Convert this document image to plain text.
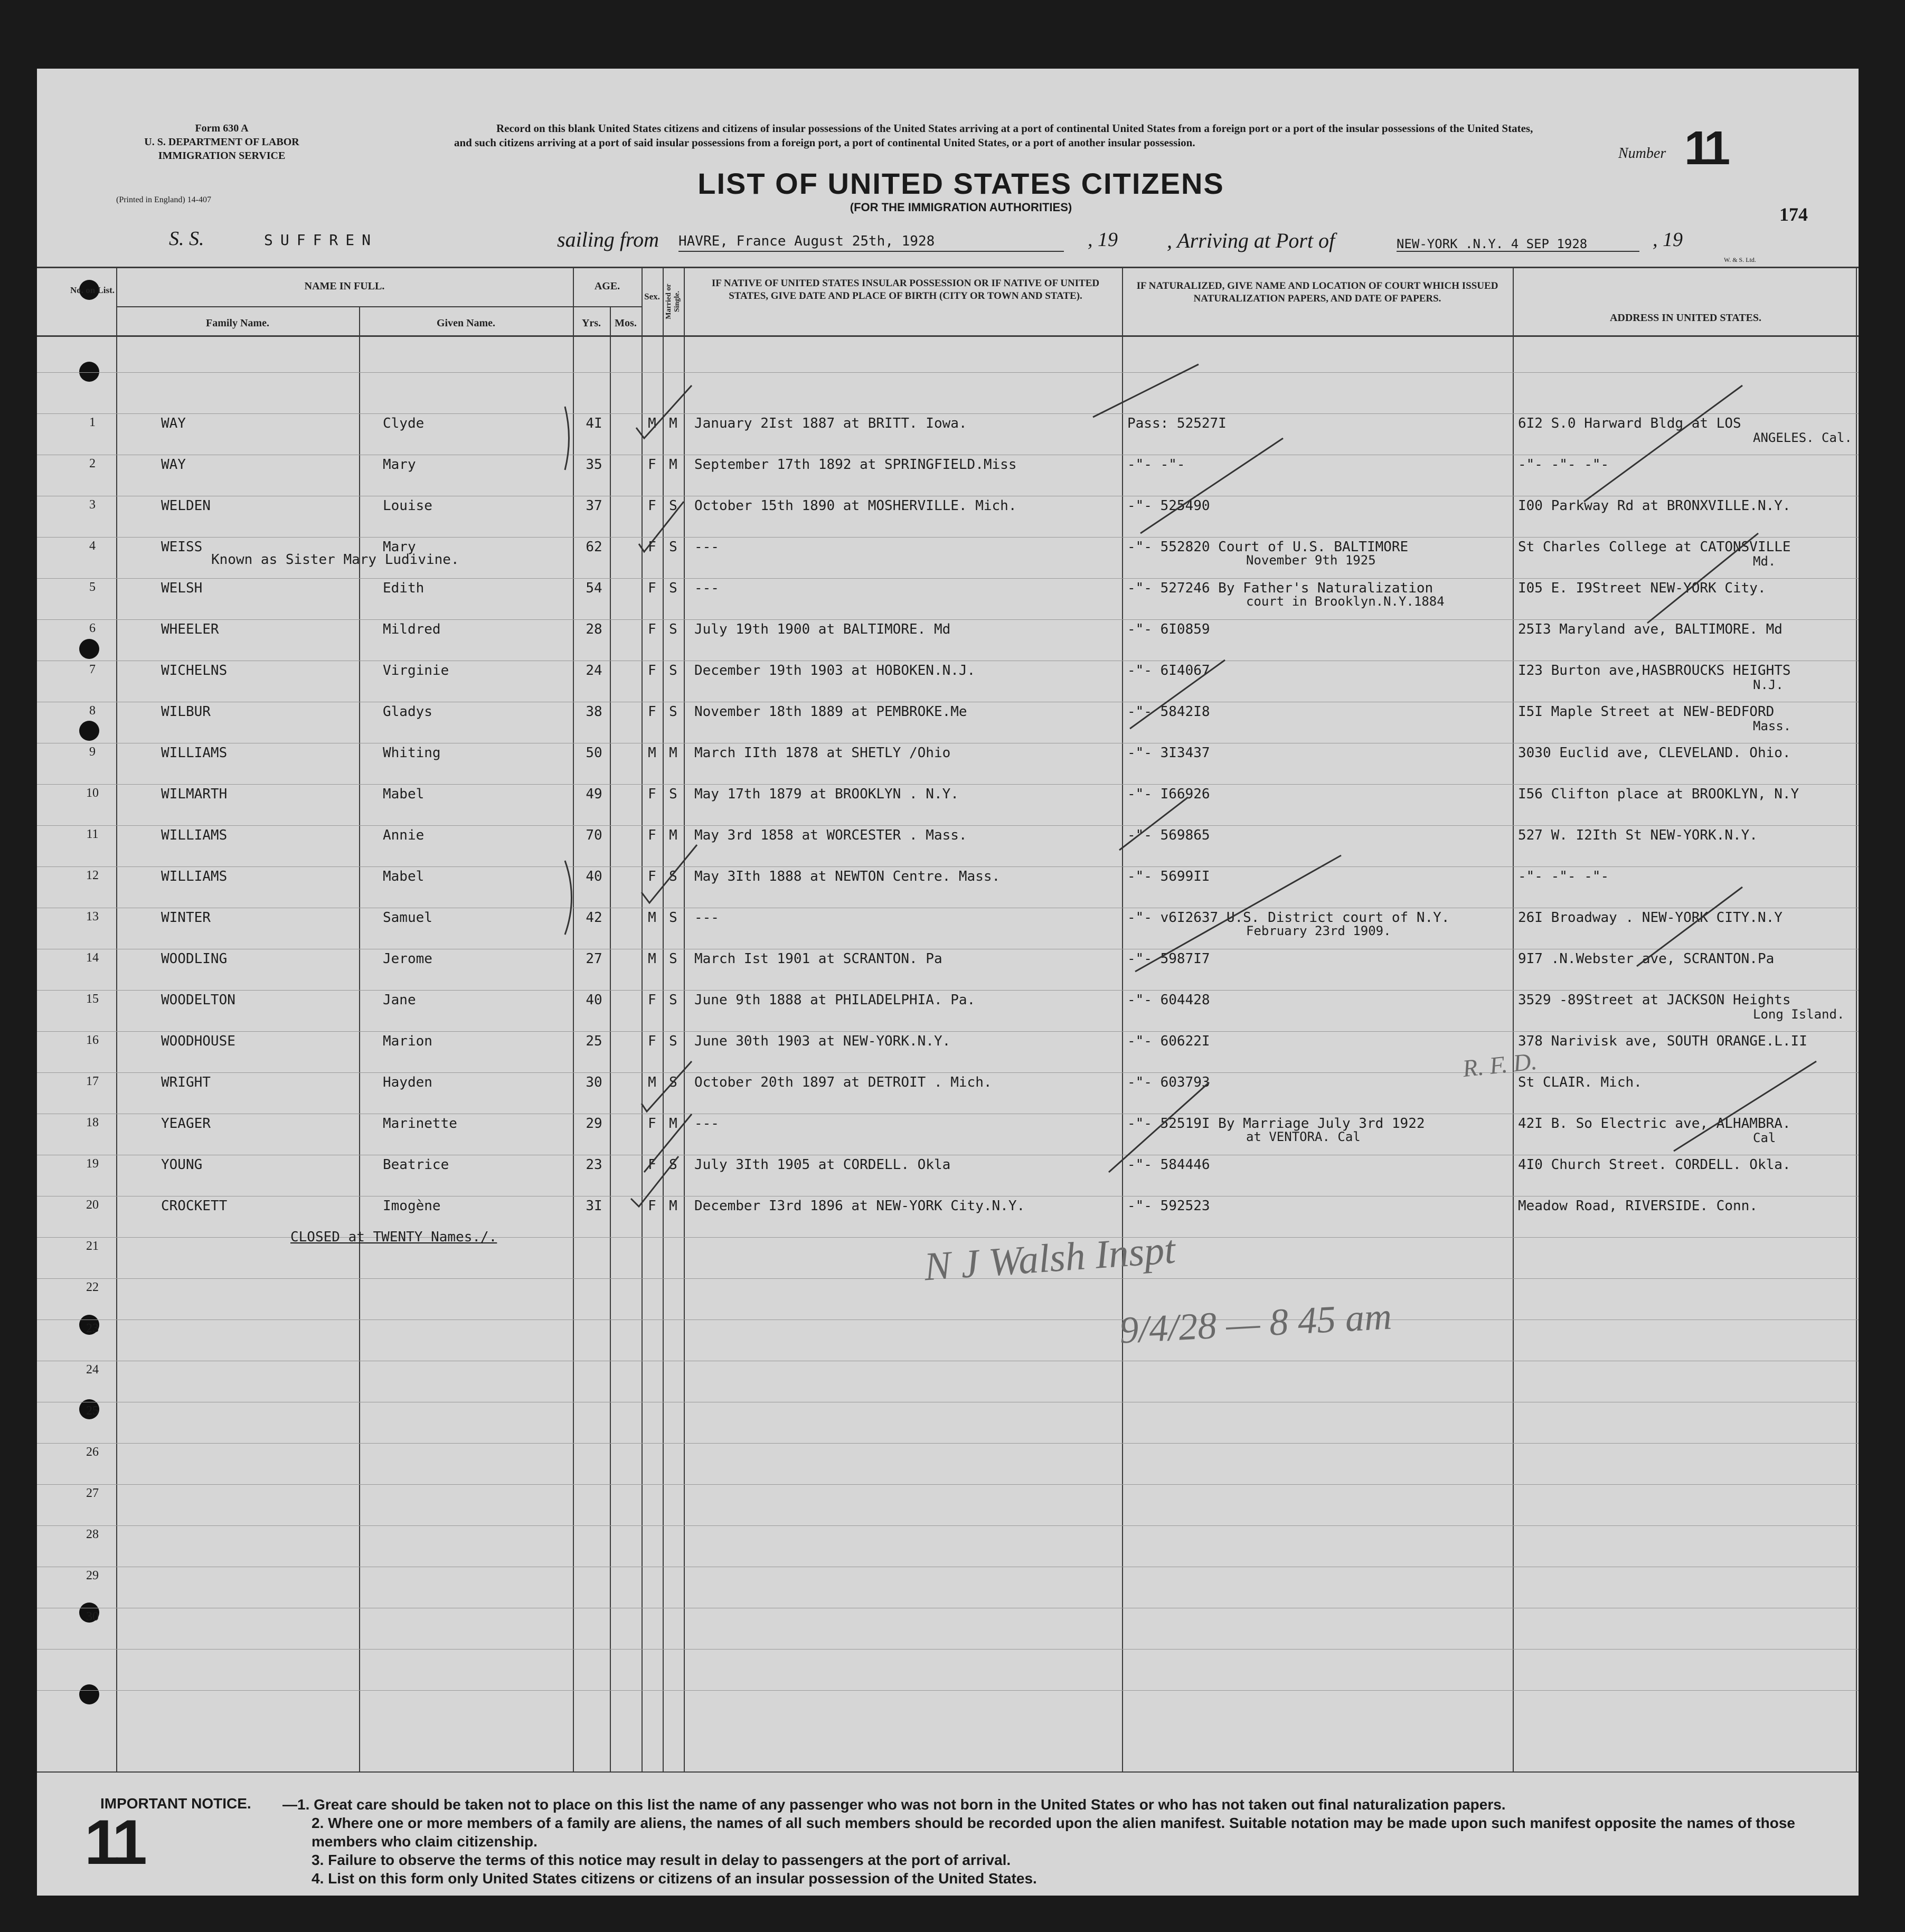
Form 630 A
U. S. DEPARTMENT OF LABOR
IMMIGRATION SERVICE
(Printed in England) 14-407
Record on this blank United States citizens and citizens of insular possessions of the United States arriving at a port of continental United States from a foreign port or a port of the insular possessions of the United States, and such citizens arriving at a port of said insular possessions from a foreign port, a port of continental United States, or a port of another insular possession.
LIST OF UNITED STATES CITIZENS
(FOR THE IMMIGRATION AUTHORITIES)
Number 11
174
S. S.	SUFFREN	sailing from HAVRE, France August 25th, 1928	, 19 , Arriving at Port of	NEW-YORK .N.Y. 4 SEP 1928	, 19
W. & S. Ltd.
No. on List.	NAME IN FULL.
Family Name.	Given Name.
AGE.
Yrs.	Mos.
Sex. Married or Single.
IF NATIVE OF UNITED STATES INSULAR POSSESSION OR IF NATIVE OF UNITED STATES, GIVE DATE AND PLACE OF BIRTH (CITY OR TOWN AND STATE).
IF NATURALIZED, GIVE NAME AND LOCATION OF COURT WHICH ISSUED NATURALIZATION PAPERS, AND DATE OF PAPERS.
ADDRESS IN UNITED STATES.
1	WAY	Clyde	4I	M M	January 2Ist 1887 at BRITT. Iowa.	Pass: 52527I	6I2 S.0 Harward Bldg at LOS
ANGELES. Cal.
2	WAY	Mary	35	F M	September 17th 1892 at SPRINGFIELD.Miss	-"- -"-	-"- -"- -"-
3	WELDEN	Louise	37	F S	October 15th 1890 at MOSHERVILLE. Mich.	-"- 525490	I00 Parkway Rd at BRONXVILLE.N.Y.
4	WEISS	Mary	62	F S	---	-"- 552820 Court of U.S. BALTIMORE	St Charles College at CATONSVILLE
November 9th 1925	Md.
Known as Sister Mary Ludivine.
5	WELSH	Edith	54	F S	---	-"- 527246 By Father's Naturalization	I05 E. I9Street NEW-YORK City.
court in Brooklyn.N.Y.1884
6	WHEELER	Mildred	28	F S	July 19th 1900 at BALTIMORE. Md	-"- 6I0859	25I3 Maryland ave, BALTIMORE. Md
7	WICHELNS	Virginie	24	F S	December 19th 1903 at HOBOKEN.N.J.	-"- 6I4067	I23 Burton ave,HASBROUCKS HEIGHTS
N.J.
8	WILBUR	Gladys	38	F S	November 18th 1889 at PEMBROKE.Me	-"- 5842I8	I5I Maple Street at NEW-BEDFORD
Mass.
9	WILLIAMS	Whiting	50	M M	March IIth 1878 at SHETLY /Ohio	-"- 3I3437	3030 Euclid ave, CLEVELAND. Ohio.
10	WILMARTH	Mabel	49	F S	May 17th 1879 at BROOKLYN . N.Y.	-"- I66926	I56 Clifton place at BROOKLYN, N.Y
11	WILLIAMS	Annie	70	F M	May 3rd 1858 at WORCESTER . Mass.	-"- 569865	527 W. I2Ith St NEW-YORK.N.Y.
12	WILLIAMS	Mabel	40	F S	May 3Ith 1888 at NEWTON Centre. Mass.	-"- 5699II	-"- -"- -"-
13	WINTER	Samuel	42	M S	---	-"- v6I2637 U.S. District court of N.Y.	26I Broadway . NEW-YORK CITY.N.Y
February 23rd 1909.
14	WOODLING	Jerome	27	M S	March Ist 1901 at SCRANTON. Pa	-"- 5987I7	9I7 .N.Webster ave, SCRANTON.Pa
15	WOODELTON	Jane	40	F S	June 9th 1888 at PHILADELPHIA. Pa.	-"- 604428	3529 -89Street at JACKSON Heights
Long Island.
16	WOODHOUSE	Marion	25	F S	June 30th 1903 at NEW-YORK.N.Y.	-"- 60622I	378 Narivisk ave, SOUTH ORANGE.L.II
17	WRIGHT	Hayden	30	M S	October 20th 1897 at DETROIT . Mich.	-"- 603793	St CLAIR. Mich.
18	YEAGER	Marinette	29	F M	---	-"- 52519I By Marriage July 3rd 1922	42I B. So Electric ave, ALHAMBRA.
at VENTORA. Cal	Cal
19	YOUNG	Beatrice	23	F S	July 3Ith 1905 at CORDELL. Okla	-"- 584446	4I0 Church Street. CORDELL. Okla.
20	CROCKETT	Imogène	3I	F M	December I3rd 1896 at NEW-YORK City.N.Y.	-"- 592523	Meadow Road, RIVERSIDE. Conn.
21
22
23
24
25
26
27
28
29
30
CLOSED at TWENTY Names./.	N J Walsh Inspt
9/4/28 — 8 45 am
R. F. D.
IMPORTANT NOTICE. —1. Great care should be taken not to place on this list the name of any passenger who was not born in the United States or who has not taken out final naturalization papers.
2. Where one or more members of a family are aliens, the names of all such members should be recorded upon the alien manifest. Suitable notation may be made upon such manifest opposite the names of those members who claim citizenship.
3. Failure to observe the terms of this notice may result in delay to passengers at the port of arrival.
4. List on this form only United States citizens or citizens of an insular possession of the United States.
11
